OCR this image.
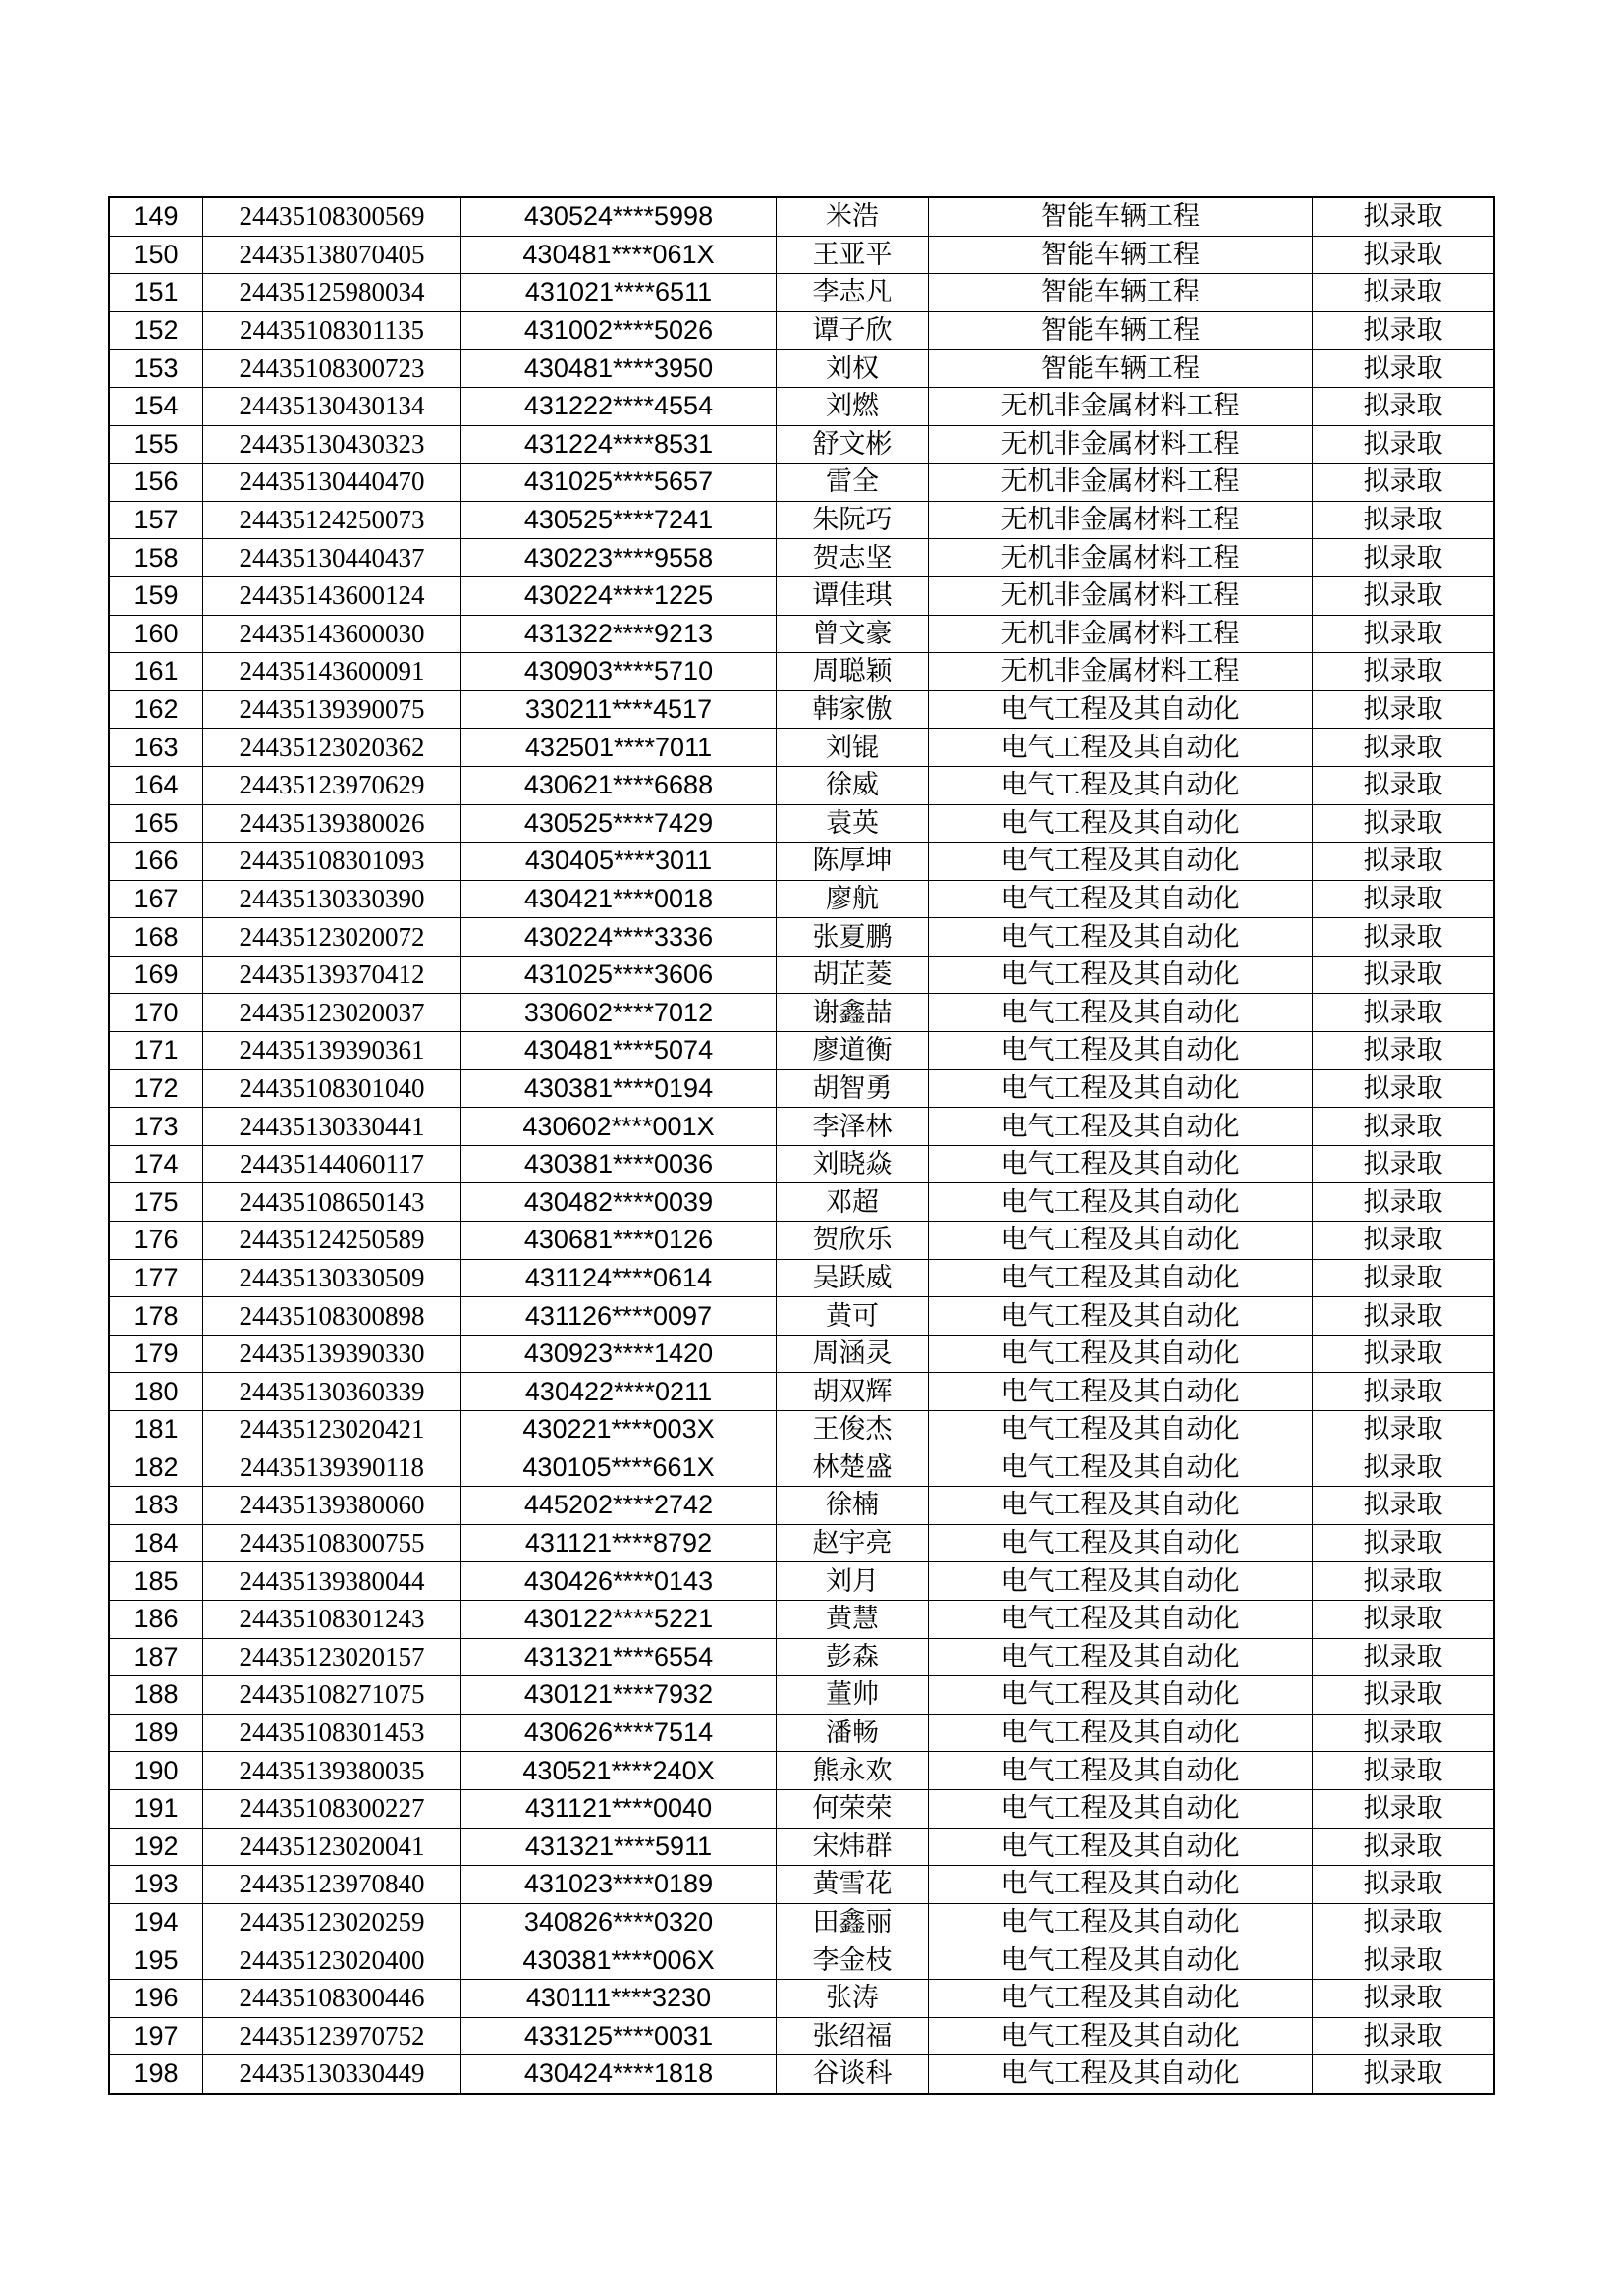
149	24435108300569	430524****5998	米浩	智能车辆工程	拟录取
150	24435138070405	430481****061X	王亚平	智能车辆工程	拟录取
151	24435125980034	431021****6511	李志凡	智能车辆工程	拟录取
152	24435108301135	431002****5026	谭子欣	智能车辆工程	拟录取
153	24435108300723	430481****3950	刘权	智能车辆工程	拟录取
154	24435130430134	431222****4554	刘燃	无机非金属材料工程	拟录取
155	24435130430323	431224****8531	舒文彬	无机非金属材料工程	拟录取
156	24435130440470	431025****5657	雷全	无机非金属材料工程	拟录取
157	24435124250073	430525****7241	朱阮巧	无机非金属材料工程	拟录取
158	24435130440437	430223****9558	贺志坚	无机非金属材料工程	拟录取
159	24435143600124	430224****1225	谭佳琪	无机非金属材料工程	拟录取
160	24435143600030	431322****9213	曾文豪	无机非金属材料工程	拟录取
161	24435143600091	430903****5710	周聪颖	无机非金属材料工程	拟录取
162	24435139390075	330211****4517	韩家傲	电气工程及其自动化	拟录取
163	24435123020362	432501****7011	刘锟	电气工程及其自动化	拟录取
164	24435123970629	430621****6688	徐威	电气工程及其自动化	拟录取
165	24435139380026	430525****7429	袁英	电气工程及其自动化	拟录取
166	24435108301093	430405****3011	陈厚坤	电气工程及其自动化	拟录取
167	24435130330390	430421****0018	廖航	电气工程及其自动化	拟录取
168	24435123020072	430224****3336	张夏鹏	电气工程及其自动化	拟录取
169	24435139370412	431025****3606	胡芷菱	电气工程及其自动化	拟录取
170	24435123020037	330602****7012	谢鑫喆	电气工程及其自动化	拟录取
171	24435139390361	430481****5074	廖道衡	电气工程及其自动化	拟录取
172	24435108301040	430381****0194	胡智勇	电气工程及其自动化	拟录取
173	24435130330441	430602****001X	李泽林	电气工程及其自动化	拟录取
174	24435144060117	430381****0036	刘晓焱	电气工程及其自动化	拟录取
175	24435108650143	430482****0039	邓超	电气工程及其自动化	拟录取
176	24435124250589	430681****0126	贺欣乐	电气工程及其自动化	拟录取
177	24435130330509	431124****0614	吴跃威	电气工程及其自动化	拟录取
178	24435108300898	431126****0097	黄可	电气工程及其自动化	拟录取
179	24435139390330	430923****1420	周涵灵	电气工程及其自动化	拟录取
180	24435130360339	430422****0211	胡双辉	电气工程及其自动化	拟录取
181	24435123020421	430221****003X	王俊杰	电气工程及其自动化	拟录取
182	24435139390118	430105****661X	林楚盛	电气工程及其自动化	拟录取
183	24435139380060	445202****2742	徐楠	电气工程及其自动化	拟录取
184	24435108300755	431121****8792	赵宇亮	电气工程及其自动化	拟录取
185	24435139380044	430426****0143	刘月	电气工程及其自动化	拟录取
186	24435108301243	430122****5221	黄慧	电气工程及其自动化	拟录取
187	24435123020157	431321****6554	彭森	电气工程及其自动化	拟录取
188	24435108271075	430121****7932	董帅	电气工程及其自动化	拟录取
189	24435108301453	430626****7514	潘畅	电气工程及其自动化	拟录取
190	24435139380035	430521****240X	熊永欢	电气工程及其自动化	拟录取
191	24435108300227	431121****0040	何荣荣	电气工程及其自动化	拟录取
192	24435123020041	431321****5911	宋炜群	电气工程及其自动化	拟录取
193	24435123970840	431023****0189	黄雪花	电气工程及其自动化	拟录取
194	24435123020259	340826****0320	田鑫丽	电气工程及其自动化	拟录取
195	24435123020400	430381****006X	李金枝	电气工程及其自动化	拟录取
196	24435108300446	430111****3230	张涛	电气工程及其自动化	拟录取
197	24435123970752	433125****0031	张绍福	电气工程及其自动化	拟录取
198	24435130330449	430424****1818	谷谈科	电气工程及其自动化	拟录取
